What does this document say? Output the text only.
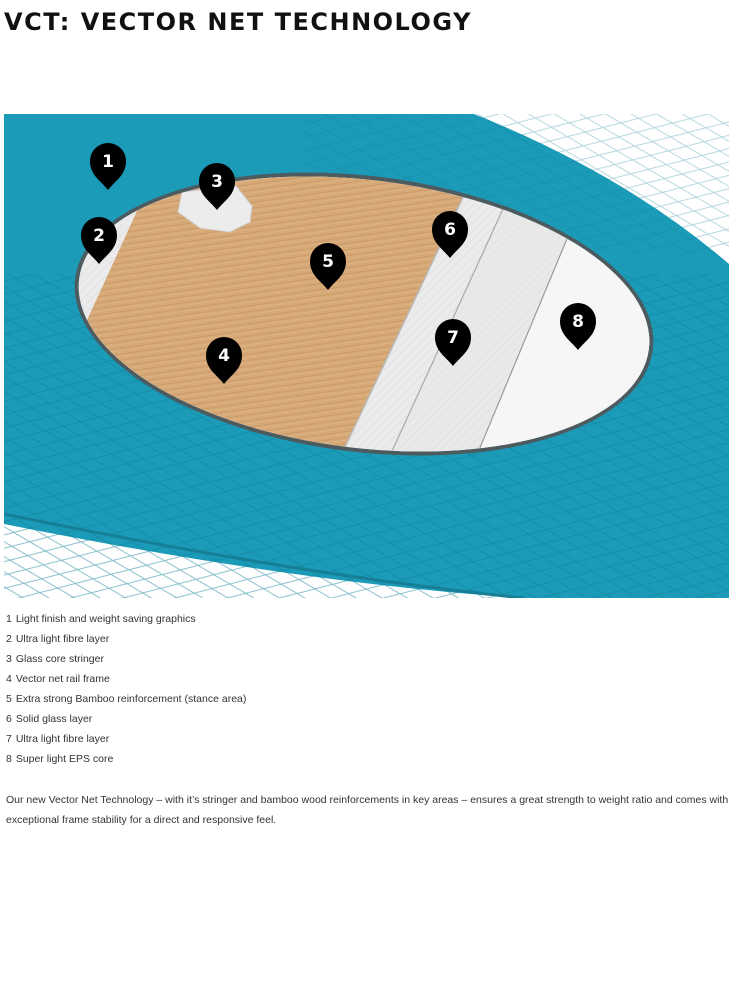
VCT: VECTOR NET TECHNOLOGY
1
2
3
4
5
6
7
8
1 Light finish and weight saving graphics
2 Ultra light fibre layer
3 Glass core stringer
4 Vector net rail frame
5 Extra strong Bamboo reinforcement (stance area)
6 Solid glass layer
7 Ultra light fibre layer
8 Super light EPS core

Our new Vector Net Technology – with it’s stringer and bamboo wood reinforcements in key areas – ensures a great strength to weight ratio and comes with exceptional frame stability for a direct and responsive feel.
